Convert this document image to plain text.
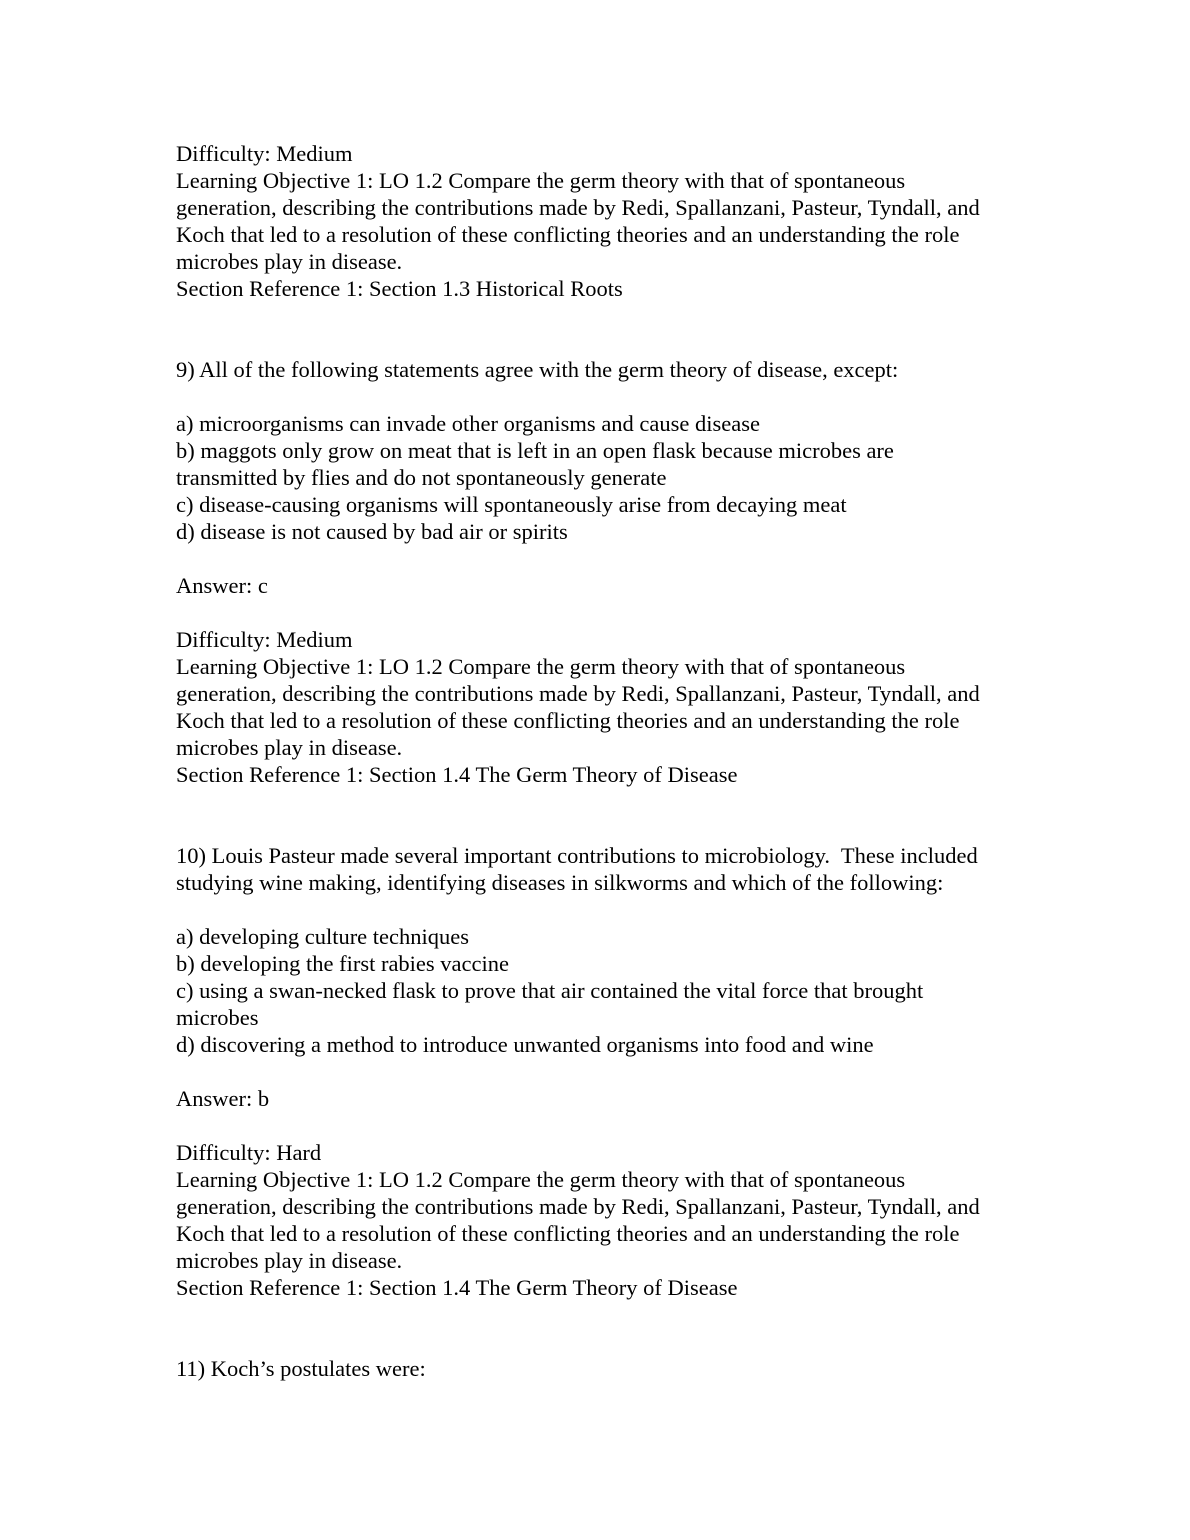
Difficulty: Medium
Learning Objective 1: LO 1.2 Compare the germ theory with that of spontaneous
generation, describing the contributions made by Redi, Spallanzani, Pasteur, Tyndall, and
Koch that led to a resolution of these conflicting theories and an understanding the role
microbes play in disease.
Section Reference 1: Section 1.3 Historical Roots
9) All of the following statements agree with the germ theory of disease, except:
a) microorganisms can invade other organisms and cause disease
b) maggots only grow on meat that is left in an open flask because microbes are
transmitted by flies and do not spontaneously generate
c) disease-causing organisms will spontaneously arise from decaying meat
d) disease is not caused by bad air or spirits
Answer: c
Difficulty: Medium
Learning Objective 1: LO 1.2 Compare the germ theory with that of spontaneous
generation, describing the contributions made by Redi, Spallanzani, Pasteur, Tyndall, and
Koch that led to a resolution of these conflicting theories and an understanding the role
microbes play in disease.
Section Reference 1: Section 1.4 The Germ Theory of Disease
10) Louis Pasteur made several important contributions to microbiology.  These included
studying wine making, identifying diseases in silkworms and which of the following:
a) developing culture techniques
b) developing the first rabies vaccine
c) using a swan-necked flask to prove that air contained the vital force that brought
microbes
d) discovering a method to introduce unwanted organisms into food and wine
Answer: b
Difficulty: Hard
Learning Objective 1: LO 1.2 Compare the germ theory with that of spontaneous
generation, describing the contributions made by Redi, Spallanzani, Pasteur, Tyndall, and
Koch that led to a resolution of these conflicting theories and an understanding the role
microbes play in disease.
Section Reference 1: Section 1.4 The Germ Theory of Disease
11) Koch’s postulates were:
